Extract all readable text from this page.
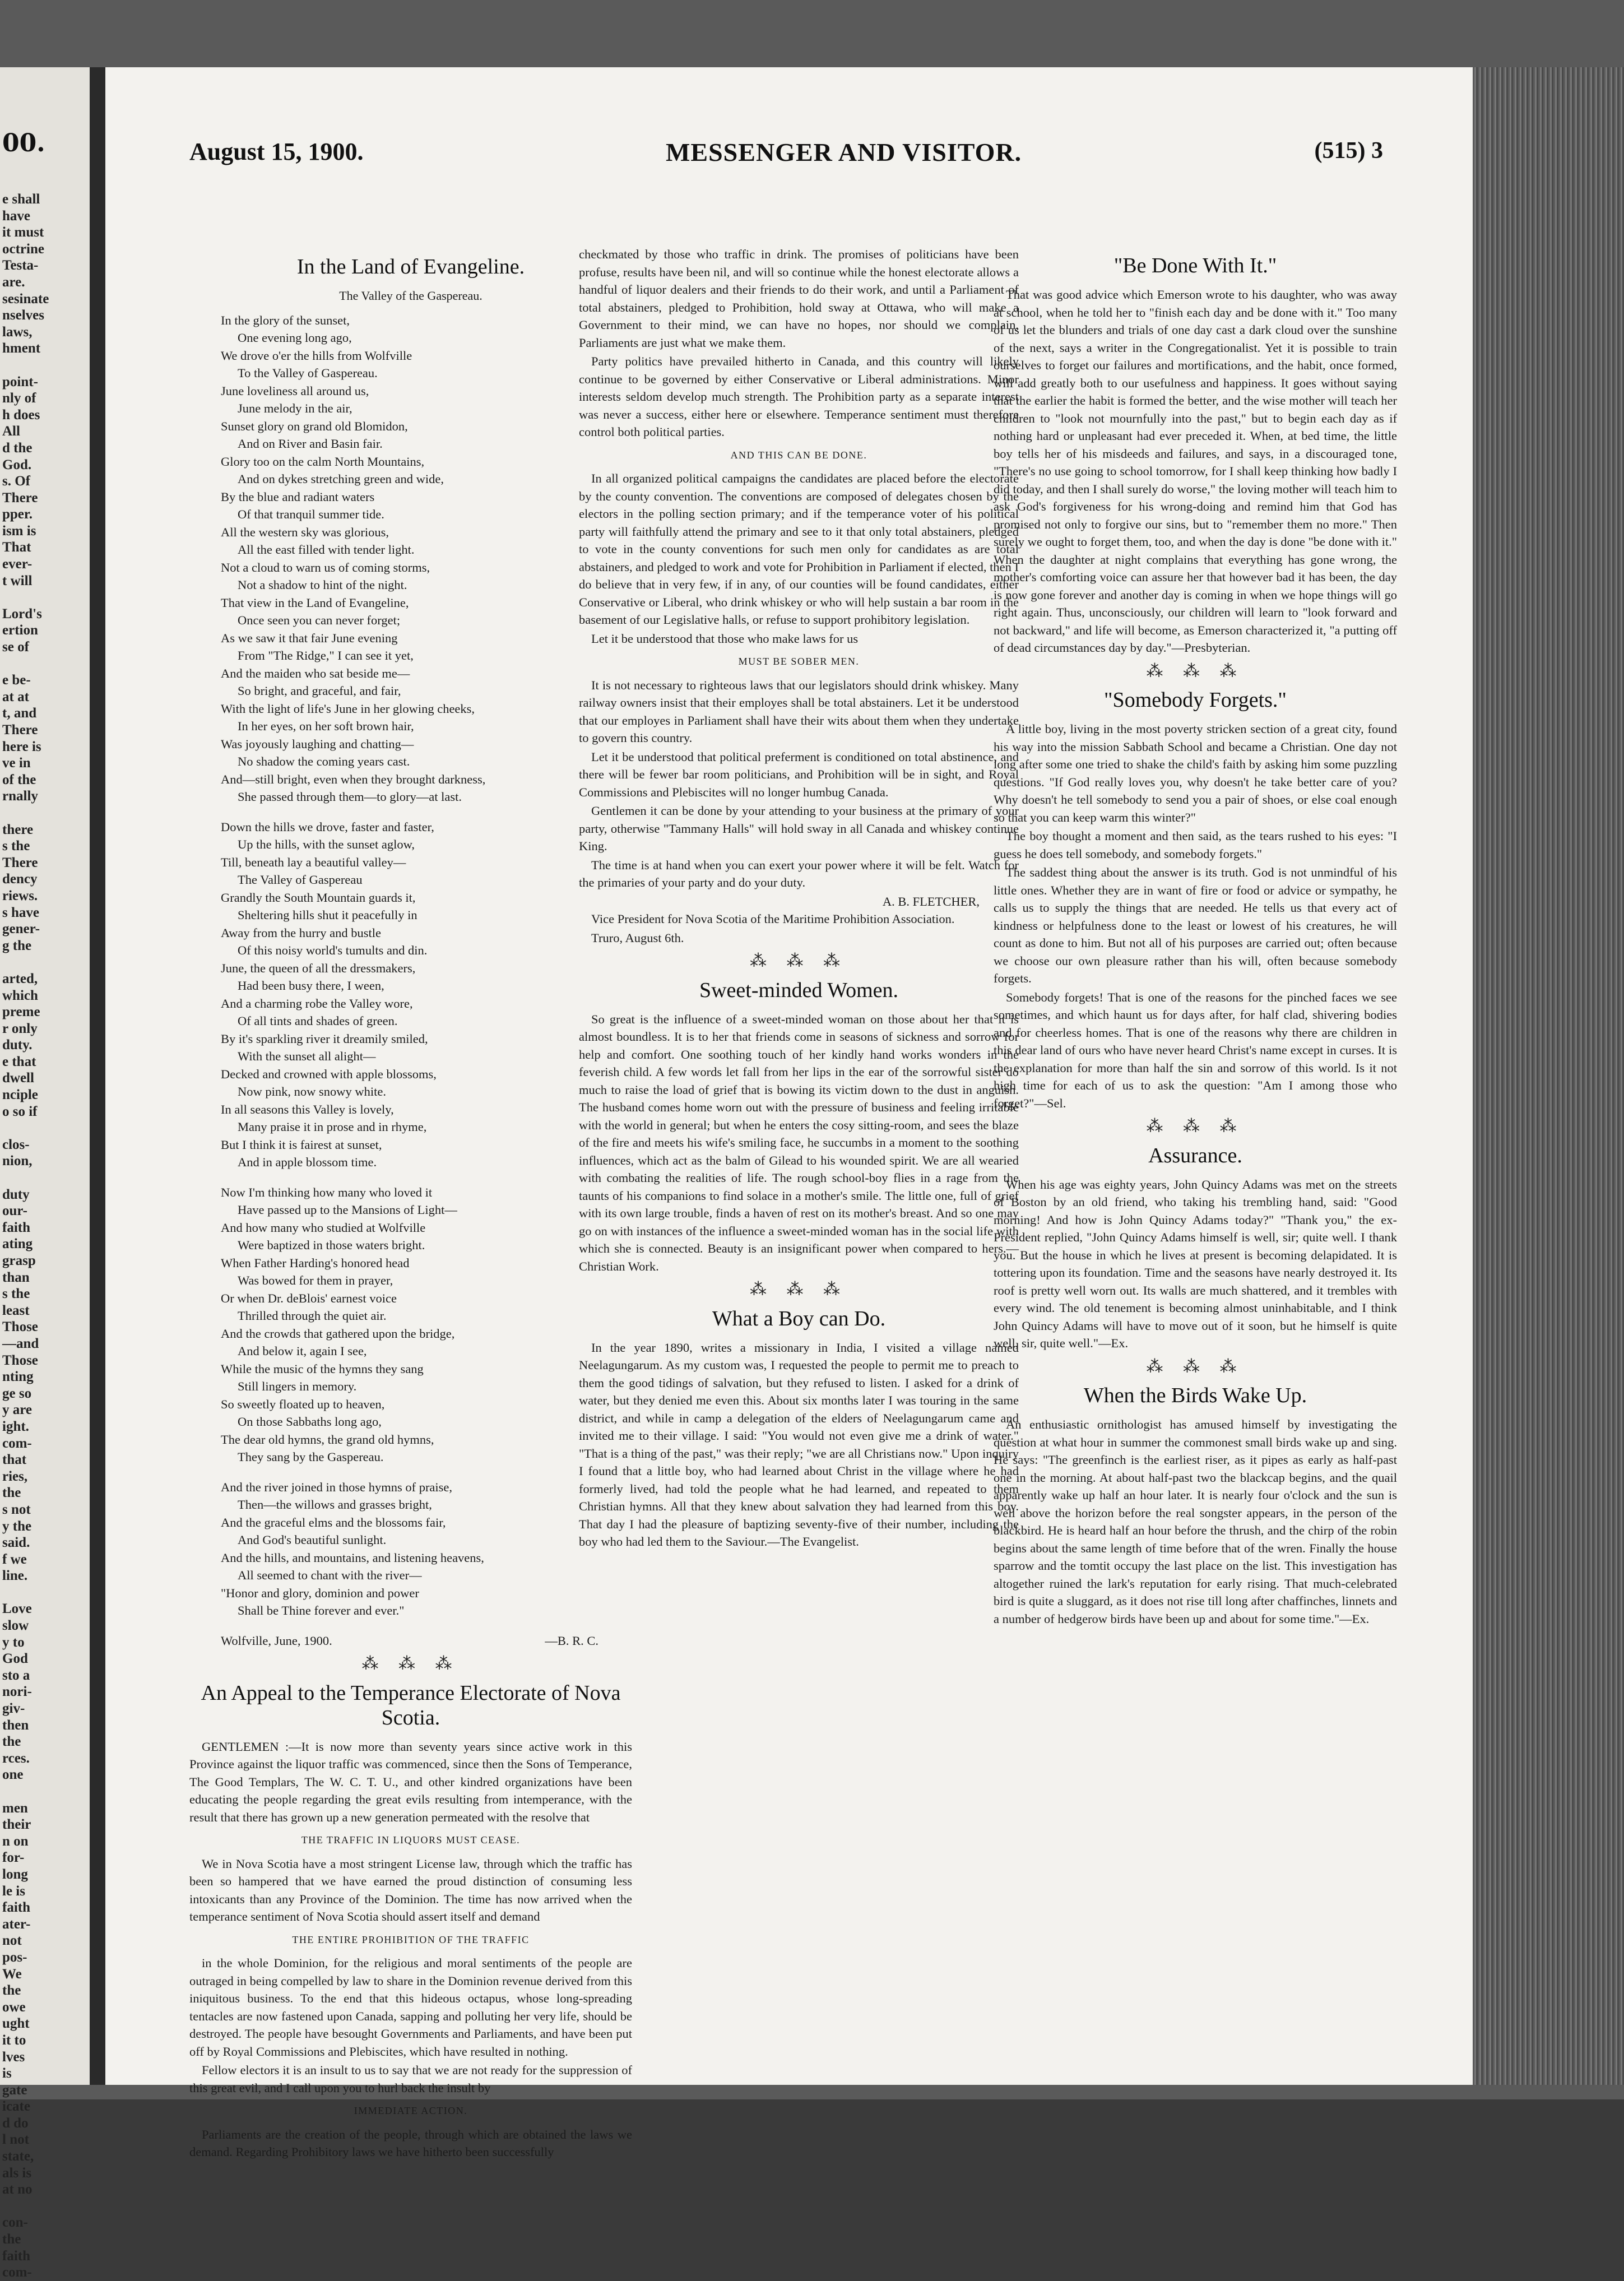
00.
e shall
have
it must
octrine
Testa-
are.
sesinate
nselves
laws,
hment

point-
nly of
h does
All
d the
God.
s. Of
There
pper.
ism is
That
ever-
t will

Lord's
ertion
se of

e be-
at at
t, and
There
here is
ve in
of the
rnally

there
s the
There
dency
riews.
s have
gener-
g the

arted,
which
preme
r only
duty.
e that
dwell
nciple
o so if

clos-
nion,

duty
our-
faith
ating
grasp
than
s the
least
Those
—and
Those
nting
ge so
y are
ight.
com-
that
ries,
the
s not
y the
said.
f we
line.

Love
slow
y to
God
sto a
nori-
giv-
then
the
rces.
one

men
their
n on
for-
long
le is
faith
ater-
not
pos-
We
the
owe
ught
it to
lves
is
gate
icate
d do
l not
state,
als is
at no

con-
the
faith
com-
August 15, 1900.	MESSENGER AND VISITOR.	(515) 3
In the Land of Evangeline.
The Valley of the Gaspereau.
In the glory of the sunset,
One evening long ago,
We drove o'er the hills from Wolfville
To the Valley of Gaspereau.
June loveliness all around us,
June melody in the air,
Sunset glory on grand old Blomidon,
And on River and Basin fair.
Glory too on the calm North Mountains,
And on dykes stretching green and wide,
By the blue and radiant waters
Of that tranquil summer tide.
All the western sky was glorious,
All the east filled with tender light.
Not a cloud to warn us of coming storms,
Not a shadow to hint of the night.
That view in the Land of Evangeline,
Once seen you can never forget;
As we saw it that fair June evening
From "The Ridge," I can see it yet,
And the maiden who sat beside me—
So bright, and graceful, and fair,
With the light of life's June in her glowing cheeks,
In her eyes, on her soft brown hair,
Was joyously laughing and chatting—
No shadow the coming years cast.
And—still bright, even when they brought darkness,
She passed through them—to glory—at last.
Down the hills we drove, faster and faster,
Up the hills, with the sunset aglow,
Till, beneath lay a beautiful valley—
The Valley of Gaspereau
Grandly the South Mountain guards it,
Sheltering hills shut it peacefully in
Away from the hurry and bustle
Of this noisy world's tumults and din.
June, the queen of all the dressmakers,
Had been busy there, I ween,
And a charming robe the Valley wore,
Of all tints and shades of green.
By it's sparkling river it dreamily smiled,
With the sunset all alight—
Decked and crowned with apple blossoms,
Now pink, now snowy white.
In all seasons this Valley is lovely,
Many praise it in prose and in rhyme,
But I think it is fairest at sunset,
And in apple blossom time.
Now I'm thinking how many who loved it
Have passed up to the Mansions of Light—
And how many who studied at Wolfville
Were baptized in those waters bright.
When Father Harding's honored head
Was bowed for them in prayer,
Or when Dr. deBlois' earnest voice
Thrilled through the quiet air.
And the crowds that gathered upon the bridge,
And below it, again I see,
While the music of the hymns they sang
Still lingers in memory.
So sweetly floated up to heaven,
On those Sabbaths long ago,
The dear old hymns, the grand old hymns,
They sang by the Gaspereau.
And the river joined in those hymns of praise,
Then—the willows and grasses bright,
And the graceful elms and the blossoms fair,
And God's beautiful sunlight.
And the hills, and mountains, and listening heavens,
All seemed to chant with the river—
"Honor and glory, dominion and power
Shall be Thine forever and ever."
Wolfville, June, 1900.	—B. R. C.
⁂ ⁂ ⁂
An Appeal to the Temperance Electorate of Nova Scotia.

GENTLEMEN :—It is now more than seventy years since active work in this Province against the liquor traffic was commenced, since then the Sons of Temperance, The Good Templars, The W. C. T. U., and other kindred organizations have been educating the people regarding the great evils resulting from intemperance, with the result that there has grown up a new generation permeated with the resolve that

THE TRAFFIC IN LIQUORS MUST CEASE.

We in Nova Scotia have a most stringent License law, through which the traffic has been so hampered that we have earned the proud distinction of consuming less intoxicants than any Province of the Dominion. The time has now arrived when the temperance sentiment of Nova Scotia should assert itself and demand

THE ENTIRE PROHIBITION OF THE TRAFFIC

in the whole Dominion, for the religious and moral sentiments of the people are outraged in being compelled by law to share in the Dominion revenue derived from this iniquitous business. To the end that this hideous octapus, whose long-spreading tentacles are now fastened upon Canada, sapping and polluting her very life, should be destroyed. The people have besought Governments and Parliaments, and have been put off by Royal Commissions and Plebiscites, which have resulted in nothing.

Fellow electors it is an insult to us to say that we are not ready for the suppression of this great evil, and I call upon you to hurl back the insult by

IMMEDIATE ACTION.

Parliaments are the creation of the people, through which are obtained the laws we demand. Regarding Prohibitory laws we have hitherto been successfully

checkmated by those who traffic in drink. The promises of politicians have been profuse, results have been nil, and will so continue while the honest electorate allows a handful of liquor dealers and their friends to do their work, and until a Parliament of total abstainers, pledged to Prohibition, hold sway at Ottawa, who will make a Government to their mind, we can have no hopes, nor should we complain, Parliaments are just what we make them.

Party politics have prevailed hitherto in Canada, and this country will likely continue to be governed by either Conservative or Liberal administrations. Minor interests seldom develop much strength. The Prohibition party as a separate interest was never a success, either here or elsewhere. Temperance sentiment must therefore control both political parties.

AND THIS CAN BE DONE.

In all organized political campaigns the candidates are placed before the electorate by the county convention. The conventions are composed of delegates chosen by the electors in the polling section primary; and if the temperance voter of his political party will faithfully attend the primary and see to it that only total abstainers, pledged to vote in the county conventions for such men only for candidates as are total abstainers, and pledged to work and vote for Prohibition in Parliament if elected, then I do believe that in very few, if in any, of our counties will be found candidates, either Conservative or Liberal, who drink whiskey or who will help sustain a bar room in the basement of our Legislative halls, or refuse to support prohibitory legislation.

Let it be understood that those who make laws for us

MUST BE SOBER MEN.

It is not necessary to righteous laws that our legislators should drink whiskey. Many railway owners insist that their employes shall be total abstainers. Let it be understood that our employes in Parliament shall have their wits about them when they undertake to govern this country.

Let it be understood that political preferment is conditioned on total abstinence, and there will be fewer bar room politicians, and Prohibition will be in sight, and Royal Commissions and Plebiscites will no longer humbug Canada.

Gentlemen it can be done by your attending to your business at the primary of your party, otherwise "Tammany Halls" will hold sway in all Canada and whiskey continue King.

The time is at hand when you can exert your power where it will be felt. Watch for the primaries of your party and do your duty.

A. B. FLETCHER,

Vice President for Nova Scotia of the Maritime Prohibition Association.

Truro, August 6th.

⁂ ⁂ ⁂
Sweet-minded Women.

So great is the influence of a sweet-minded woman on those about her that it is almost boundless. It is to her that friends come in seasons of sickness and sorrow for help and comfort. One soothing touch of her kindly hand works wonders in the feverish child. A few words let fall from her lips in the ear of the sorrowful sister do much to raise the load of grief that is bowing its victim down to the dust in anguish. The husband comes home worn out with the pressure of business and feeling irritable with the world in general; but when he enters the cosy sitting-room, and sees the blaze of the fire and meets his wife's smiling face, he succumbs in a moment to the soothing influences, which act as the balm of Gilead to his wounded spirit. We are all wearied with combating the realities of life. The rough school-boy flies in a rage from the taunts of his companions to find solace in a mother's smile. The little one, full of grief with its own large trouble, finds a haven of rest on its mother's breast. And so one may go on with instances of the influence a sweet-minded woman has in the social life with which she is connected. Beauty is an insignificant power when compared to hers.—Christian Work.

⁂ ⁂ ⁂
What a Boy can Do.

In the year 1890, writes a missionary in India, I visited a village named Neelagungarum. As my custom was, I requested the people to permit me to preach to them the good tidings of salvation, but they refused to listen. I asked for a drink of water, but they denied me even this. About six months later I was touring in the same district, and while in camp a delegation of the elders of Neelagungarum came and invited me to their village. I said: "You would not even give me a drink of water." "That is a thing of the past," was their reply; "we are all Christians now." Upon inquiry I found that a little boy, who had learned about Christ in the village where he had formerly lived, had told the people what he had learned, and repeated to them Christian hymns. All that they knew about salvation they had learned from this boy. That day I had the pleasure of baptizing seventy-five of their number, including the boy who had led them to the Saviour.—The Evangelist.

"Be Done With It."

That was good advice which Emerson wrote to his daughter, who was away at school, when he told her to "finish each day and be done with it." Too many of us let the blunders and trials of one day cast a dark cloud over the sunshine of the next, says a writer in the Congregationalist. Yet it is possible to train ourselves to forget our failures and mortifications, and the habit, once formed, will add greatly both to our usefulness and happiness. It goes without saying that the earlier the habit is formed the better, and the wise mother will teach her children to "look not mournfully into the past," but to begin each day as if nothing hard or unpleasant had ever preceded it. When, at bed time, the little boy tells her of his misdeeds and failures, and says, in a discouraged tone, "There's no use going to school tomorrow, for I shall keep thinking how badly I did today, and then I shall surely do worse," the loving mother will teach him to ask God's forgiveness for his wrong-doing and remind him that God has promised not only to forgive our sins, but to "remember them no more." Then surely we ought to forget them, too, and when the day is done "be done with it." When the daughter at night complains that everything has gone wrong, the mother's comforting voice can assure her that however bad it has been, the day is now gone forever and another day is coming in when we hope things will go right again. Thus, unconsciously, our children will learn to "look forward and not backward," and life will become, as Emerson characterized it, "a putting off of dead circumstances day by day."—Presbyterian.

⁂ ⁂ ⁂
"Somebody Forgets."

A little boy, living in the most poverty stricken section of a great city, found his way into the mission Sabbath School and became a Christian. One day not long after some one tried to shake the child's faith by asking him some puzzling questions. "If God really loves you, why doesn't he take better care of you? Why doesn't he tell somebody to send you a pair of shoes, or else coal enough so that you can keep warm this winter?"

The boy thought a moment and then said, as the tears rushed to his eyes: "I guess he does tell somebody, and somebody forgets."

The saddest thing about the answer is its truth. God is not unmindful of his little ones. Whether they are in want of fire or food or advice or sympathy, he calls us to supply the things that are needed. He tells us that every act of kindness or helpfulness done to the least or lowest of his creatures, he will count as done to him. But not all of his purposes are carried out; often because we choose our own pleasure rather than his will, often because somebody forgets.

Somebody forgets! That is one of the reasons for the pinched faces we see sometimes, and which haunt us for days after, for half clad, shivering bodies and for cheerless homes. That is one of the reasons why there are children in this dear land of ours who have never heard Christ's name except in curses. It is the explanation for more than half the sin and sorrow of this world. Is it not high time for each of us to ask the question: "Am I among those who forget?"—Sel.

⁂ ⁂ ⁂
Assurance.

When his age was eighty years, John Quincy Adams was met on the streets of Boston by an old friend, who taking his trembling hand, said: "Good morning! And how is John Quincy Adams today?" "Thank you," the ex-President replied, "John Quincy Adams himself is well, sir; quite well. I thank you. But the house in which he lives at present is becoming delapidated. It is tottering upon its foundation. Time and the seasons have nearly destroyed it. Its roof is pretty well worn out. Its walls are much shattered, and it trembles with every wind. The old tenement is becoming almost uninhabitable, and I think John Quincy Adams will have to move out of it soon, but he himself is quite well, sir, quite well."—Ex.

⁂ ⁂ ⁂
When the Birds Wake Up.

An enthusiastic ornithologist has amused himself by investigating the question at what hour in summer the commonest small birds wake up and sing. He says: "The greenfinch is the earliest riser, as it pipes as early as half-past one in the morning. At about half-past two the blackcap begins, and the quail apparently wake up half an hour later. It is nearly four o'clock and the sun is well above the horizon before the real songster appears, in the person of the blackbird. He is heard half an hour before the thrush, and the chirp of the robin begins about the same length of time before that of the wren. Finally the house sparrow and the tomtit occupy the last place on the list. This investigation has altogether ruined the lark's reputation for early rising. That much-celebrated bird is quite a sluggard, as it does not rise till long after chaffinches, linnets and a number of hedgerow birds have been up and about for some time."—Ex.
